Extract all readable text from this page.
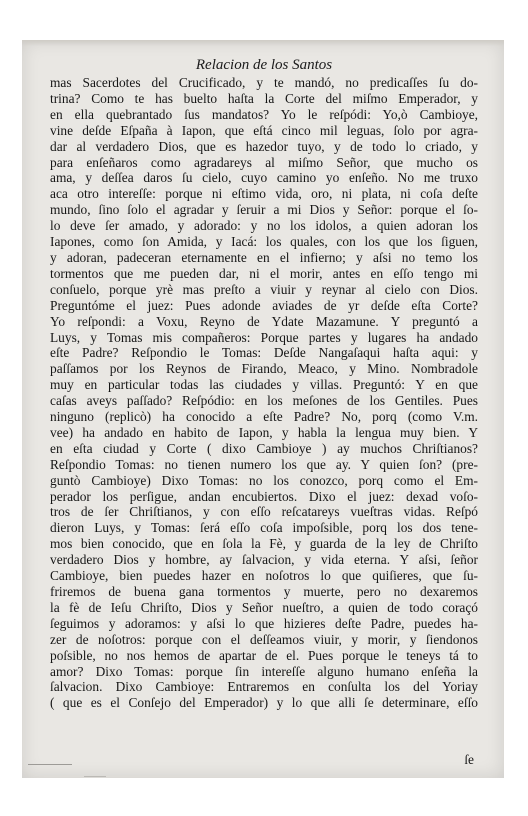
Relacion de los Santos
mas Sacerdotes del Crucificado, y te mandó, no predicaſſes ſu do-
trina? Como te has buelto haſta la Corte del miſmo Emperador, y
en ella quebrantado ſus mandatos? Yo le reſpódi: Yo,ò Cambioye,
vine deſde Eſpaña à Iapon, que eſtá cinco mil leguas, ſolo por agra-
dar al verdadero Dios, que es hazedor tuyo, y de todo lo criado, y
para enſeñaros como agradareys al miſmo Señor, que mucho os
ama, y deſſea daros ſu cielo, cuyo camino yo enſeño. No me truxo
aca otro intereſſe: porque ni eſtimo vida, oro, ni plata, ni coſa deſte
mundo, ſino ſolo el agradar y ſeruir a mi Dios y Señor: porque el ſo-
lo deve ſer amado, y adorado: y no los idolos, a quien adoran los
Iapones, como ſon Amida, y Iacá: los quales, con los que los ſiguen,
y adoran, padeceran eternamente en el infierno; y aſsi no temo los
tormentos que me pueden dar, ni el morir, antes en eſſo tengo mi
conſuelo, porque yrè mas preſto a viuir y reynar al cielo con Dios.
Preguntóme el juez: Pues adonde aviades de yr deſde eſta Corte?
Yo reſpondi: a Voxu, Reyno de Ydate Mazamune. Y preguntó a
Luys, y Tomas mis compañeros: Porque partes y lugares ha andado
eſte Padre? Reſpondio le Tomas: Deſde Nangaſaqui haſta aqui: y
paſſamos por los Reynos de Firando, Meaco, y Mino. Nombradole
muy en particular todas las ciudades y villas. Preguntó: Y en que
caſas aveys paſſado? Reſpódio: en los meſones de los Gentiles. Pues
ninguno (replicò) ha conocido a eſte Padre? No, porq (como V.m.
vee) ha andado en habito de Iapon, y habla la lengua muy bien. Y
en eſta ciudad y Corte ( dixo Cambioye ) ay muchos Chriſtianos?
Reſpondio Tomas: no tienen numero los que ay. Y quien ſon? (pre-
guntò Cambioye) Dixo Tomas: no los conozco, porq como el Em-
perador los perſigue, andan encubiertos. Dixo el juez: dexad voſo-
tros de ſer Chriſtianos, y con eſſo reſcatareys vueſtras vidas. Reſpó
dieron Luys, y Tomas: ſerá eſſo coſa impoſsible, porq los dos tene-
mos bien conocido, que en ſola la Fè, y guarda de la ley de Chriſto
verdadero Dios y hombre, ay ſalvacion, y vida eterna. Y aſsi, ſeñor
Cambioye, bien puedes hazer en noſotros lo que quiſieres, que ſu-
friremos de buena gana tormentos y muerte, pero no dexaremos
la fè de Ieſu Chriſto, Dios y Señor nueſtro, a quien de todo coraçó
ſeguimos y adoramos: y aſsi lo que hizieres deſte Padre, puedes ha-
zer de noſotros: porque con el deſſeamos viuir, y morir, y ſiendonos
poſsible, no nos hemos de apartar de el. Pues porque le teneys tá to
amor? Dixo Tomas: porque ſin intereſſe alguno humano enſeña la
ſalvacion. Dixo Cambioye: Entraremos en conſulta los del Yoriay
( que es el Conſejo del Emperador) y lo que alli ſe determinare, eſſo
ſe
